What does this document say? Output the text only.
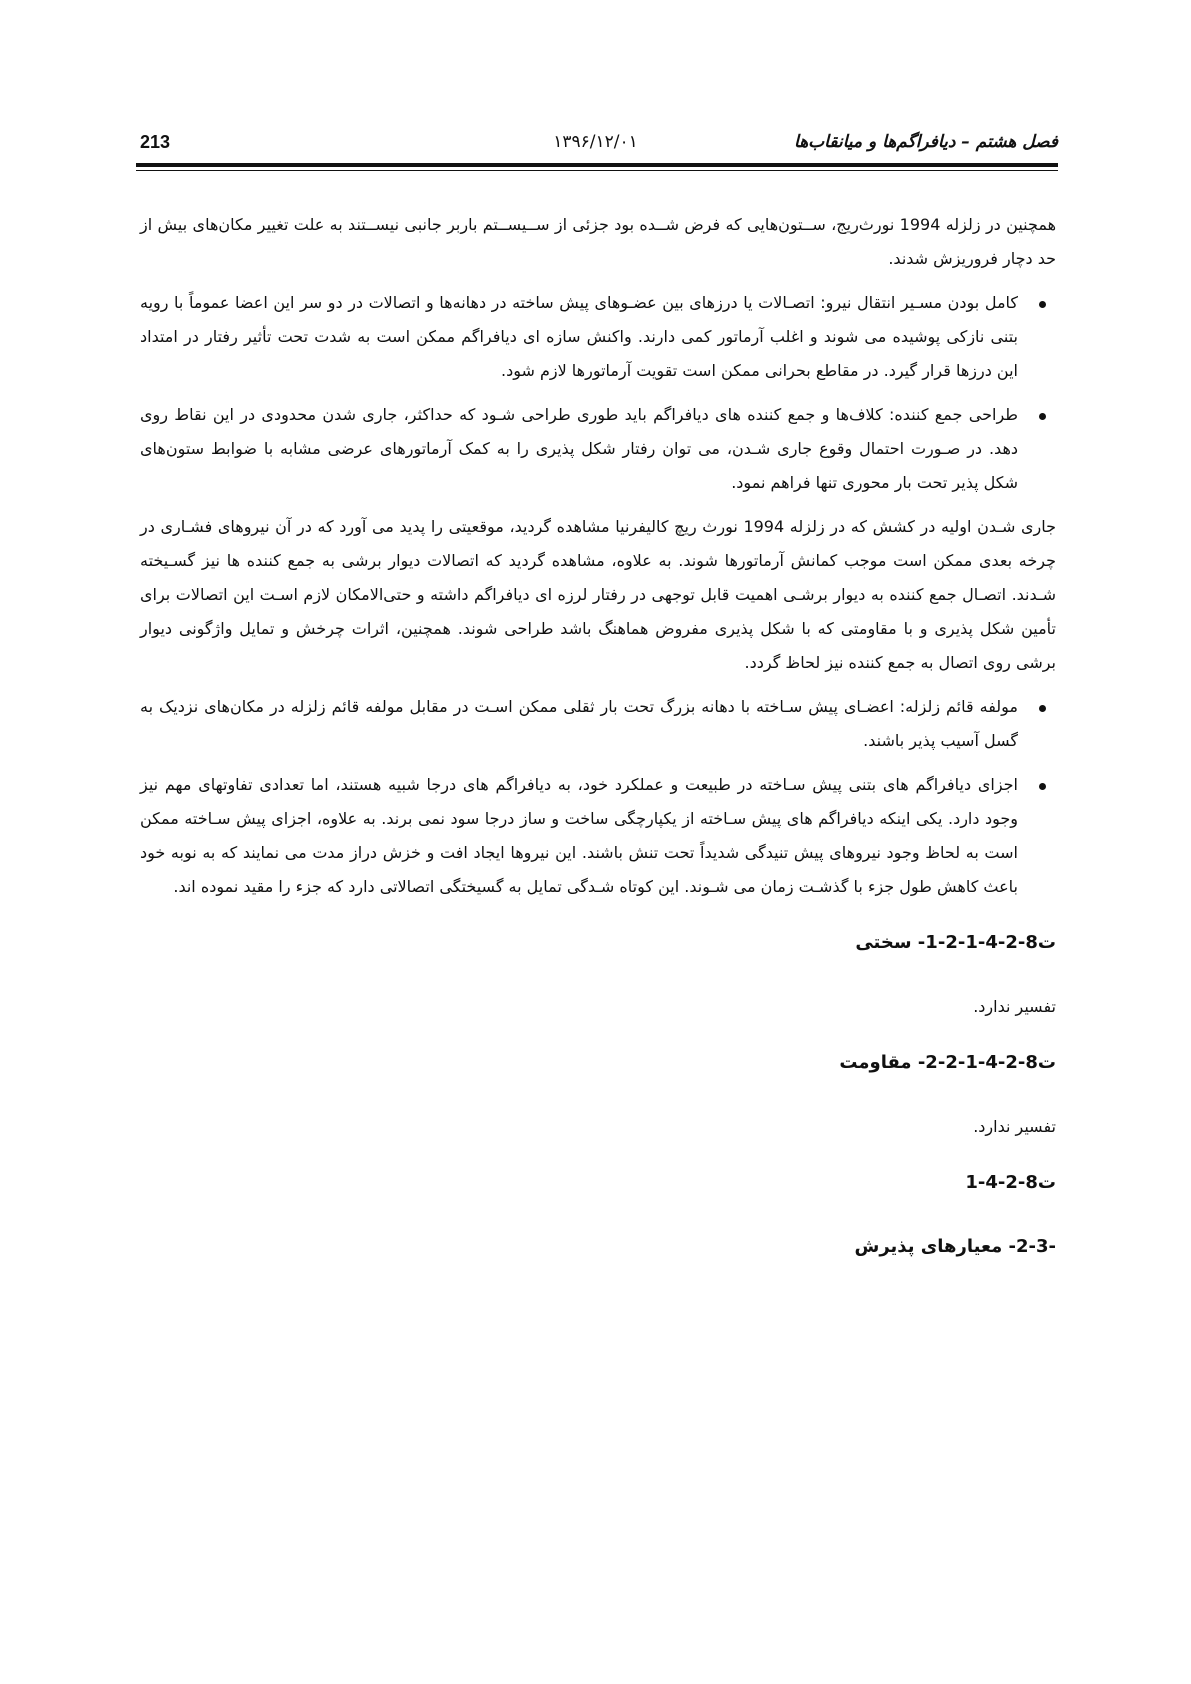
213	۱۳۹۶/۱۲/۰۱	فصل هشتم – دیافراگم‌ها و میانقاب‌ها

همچنین در زلزله 1994 نورث‌ریج، ســتون‌هایی که فرض شــده بود جزئی از ســیســتم باربر جانبی نیســتند به علت تغییر مکان‌های بیش از حد دچار فروریزش شدند.

کامل بودن مسـیر انتقال نیرو: اتصـالات یا درزهای بین عضـوهای پیش ساخته در دهانه‌ها و اتصالات در دو سر این اعضا عموماً با رویه بتنی نازکی پوشیده می شوند و اغلب آرماتور کمی دارند. واکنش سازه ای دیافراگم ممکن است به شدت تحت تأثیر رفتار در امتداد این درزها قرار گیرد. در مقاطع بحرانی ممکن است تقویت آرماتورها لازم شود.
طراحی جمع کننده: کلاف‌ها و جمع کننده های دیافراگم باید طوری طراحی شـود که حداکثر، جاری شدن محدودی در این نقاط روی دهد. در صـورت احتمال وقوع جاری شـدن، می توان رفتار شکل پذیری را به کمک آرماتورهای عرضی مشابه با ضوابط ستون‌های شکل پذیر تحت بار محوری تنها فراهم نمود.

جاری شـدن اولیه در کشش که در زلزله 1994 نورث ریچ کالیفرنیا مشاهده گردید، موقعیتی را پدید می آورد که در آن نیروهای فشـاری در چرخه بعدی ممکن است موجب کمانش آرماتورها شوند. به علاوه، مشاهده گردید که اتصالات دیوار برشی به جمع کننده ها نیز گسـیخته شـدند. اتصـال جمع کننده به دیوار برشـی اهمیت قابل توجهی در رفتار لرزه ای دیافراگم داشته و حتی‌الامکان لازم اسـت این اتصالات برای تأمین شکل پذیری و با مقاومتی که با شکل پذیری مفروض هماهنگ باشد طراحی شوند. همچنین، اثرات چرخش و تمایل واژگونی دیوار برشی روی اتصال به جمع کننده نیز لحاظ گردد.

مولفه قائم زلزله: اعضـای پیش سـاخته با دهانه بزرگ تحت بار ثقلی ممکن اسـت در مقابل مولفه قائم زلزله در مکان‌های نزدیک به گسل آسیب پذیر باشند.
اجزای دیافراگم های بتنی پیش سـاخته در طبیعت و عملکرد خود، به دیافراگم های درجا شبیه هستند، اما تعدادی تفاوتهای مهم نیز وجود دارد. یکی اینکه دیافراگم های پیش سـاخته از یکپارچگی ساخت و ساز درجا سود نمی برند. به علاوه، اجزای پیش سـاخته ممکن است به لحاظ وجود نیروهای پیش تنیدگی شدیداً تحت تنش باشند. این نیروها ایجاد افت و خزش دراز مدت می نمایند که به نوبه خود باعث کاهش طول جزء با گذشـت زمان می شـوند. این کوتاه شـدگی تمایل به گسیختگی اتصالاتی دارد که جزء را مقید نموده اند.
ت8-2-4-1-2-1- سختی

تفسیر ندارد.

ت8-2-4-1-2-2- مقاومت

تفسیر ندارد.

ت8-2-4-1
-2-3- معیارهای پذیرش
